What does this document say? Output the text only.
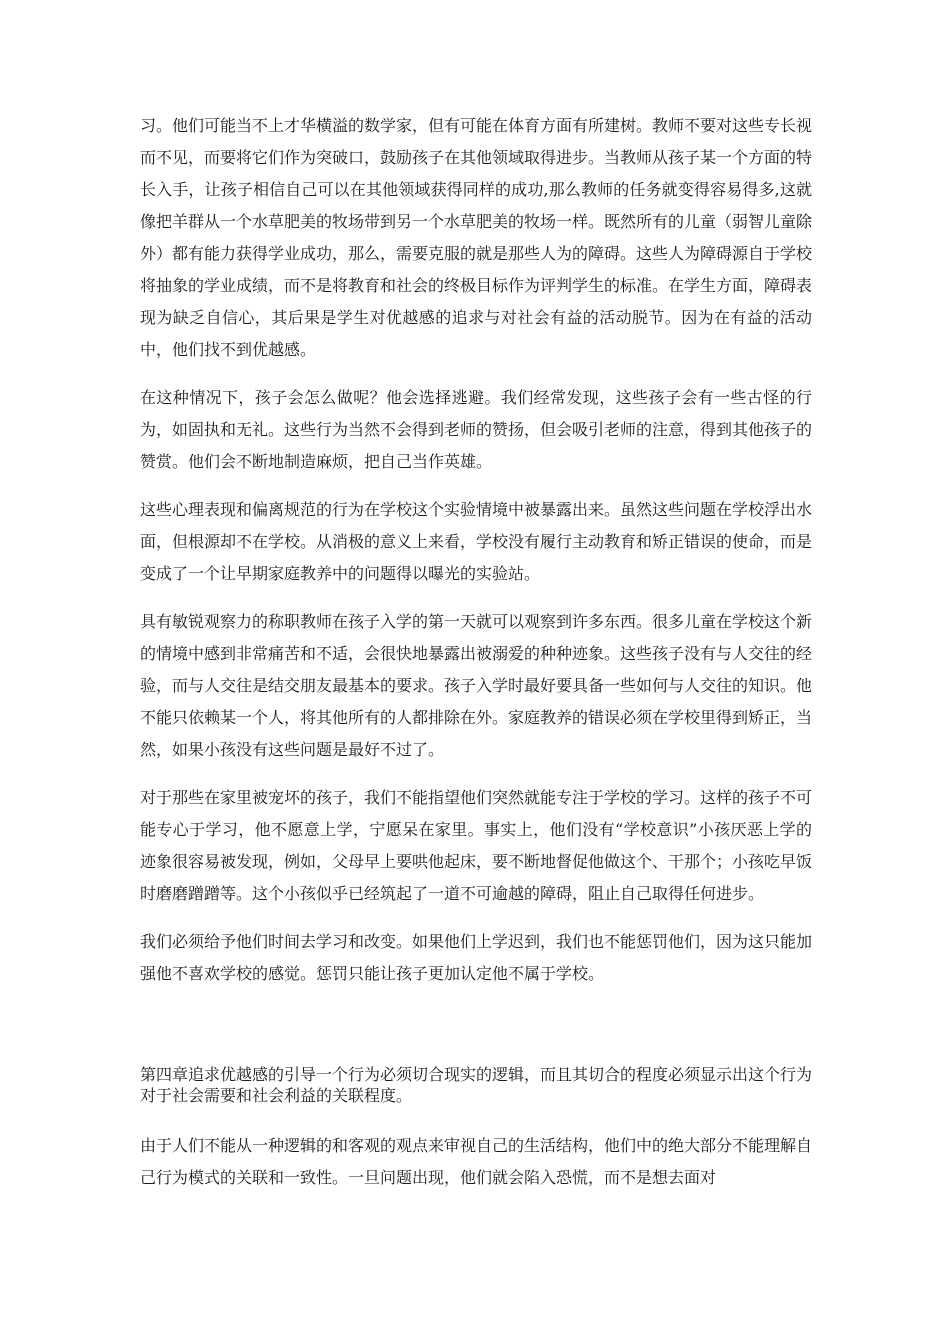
习。他们可能当不上才华横溢的数学家，但有可能在体育方面有所建树。教师不要对这些专长视而不见，而要将它们作为突破口，鼓励孩子在其他领域取得进步。当教师从孩子某一个方面的特长入手，让孩子相信自己可以在其他领域获得同样的成功,那么教师的任务就变得容易得多,这就像把羊群从一个水草肥美的牧场带到另一个水草肥美的牧场一样。既然所有的儿童（弱智儿童除外）都有能力获得学业成功，那么，需要克服的就是那些人为的障碍。这些人为障碍源自于学校将抽象的学业成绩，而不是将教育和社会的终极目标作为评判学生的标准。在学生方面，障碍表现为缺乏自信心，其后果是学生对优越感的追求与对社会有益的活动脱节。因为在有益的活动中，他们找不到优越感。

在这种情况下，孩子会怎么做呢？他会选择逃避。我们经常发现，这些孩子会有一些古怪的行为，如固执和无礼。这些行为当然不会得到老师的赞扬，但会吸引老师的注意，得到其他孩子的赞赏。他们会不断地制造麻烦，把自己当作英雄。

这些心理表现和偏离规范的行为在学校这个实验情境中被暴露出来。虽然这些问题在学校浮出水面，但根源却不在学校。从消极的意义上来看，学校没有履行主动教育和矫正错误的使命，而是变成了一个让早期家庭教养中的问题得以曝光的实验站。

具有敏锐观察力的称职教师在孩子入学的第一天就可以观察到许多东西。很多儿童在学校这个新的情境中感到非常痛苦和不适，会很快地暴露出被溺爱的种种迹象。这些孩子没有与人交往的经验，而与人交往是结交朋友最基本的要求。孩子入学时最好要具备一些如何与人交往的知识。他不能只依赖某一个人，将其他所有的人都排除在外。家庭教养的错误必须在学校里得到矫正，当然，如果小孩没有这些问题是最好不过了。

对于那些在家里被宠坏的孩子，我们不能指望他们突然就能专注于学校的学习。这样的孩子不可能专心于学习，他不愿意上学，宁愿呆在家里。事实上，他们没有“学校意识”小孩厌恶上学的迹象很容易被发现，例如，父母早上要哄他起床，要不断地督促他做这个、干那个；小孩吃早饭时磨磨蹭蹭等。这个小孩似乎已经筑起了一道不可逾越的障碍，阻止自己取得任何进步。

我们必须给予他们时间去学习和改变。如果他们上学迟到，我们也不能惩罚他们，因为这只能加强他不喜欢学校的感觉。惩罚只能让孩子更加认定他不属于学校。

第四章追求优越感的引导一个行为必须切合现实的逻辑，而且其切合的程度必须显示出这个行为对于社会需要和社会利益的关联程度。

由于人们不能从一种逻辑的和客观的观点来审视自己的生活结构，他们中的绝大部分不能理解自己行为模式的关联和一致性。一旦问题出现，他们就会陷入恐慌，而不是想去面对
